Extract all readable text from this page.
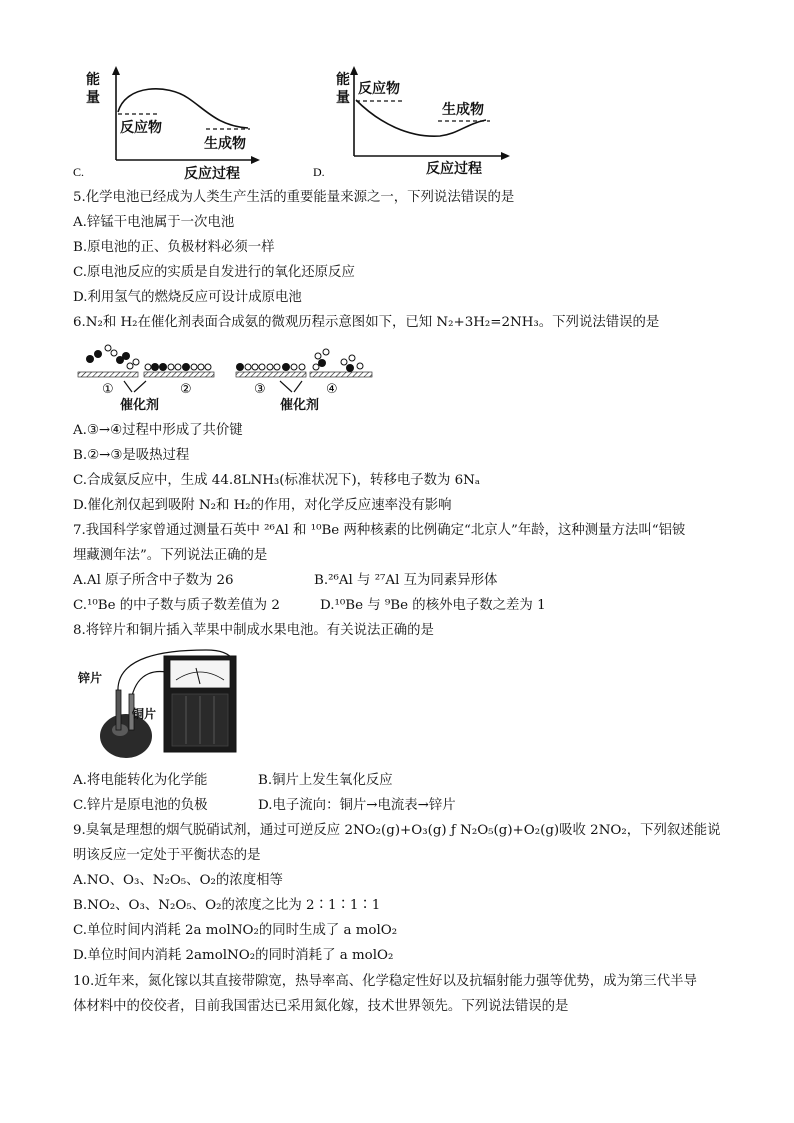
C.
能
量
反应物
生成物
反应过程	D.
能
量
反应物
生成物
反应过程
5.化学电池已经成为人类生产生活的重要能量来源之一，下列说法错误的是
A.锌锰干电池属于一次电池
B.原电池的正、负极材料必须一样
C.原电池反应的实质是自发进行的氧化还原反应
D.利用氢气的燃烧反应可设计成原电池
6.N₂和 H₂在催化剂表面合成氨的微观历程示意图如下，已知 N₂+3H₂=2NH₃。下列说法错误的是
①	②	③	④
催化剂	催化剂
A.③→④过程中形成了共价键
B.②→③是吸热过程
C.合成氨反应中，生成 44.8LNH₃(标准状况下)，转移电子数为 6Nₐ
D.催化剂仅起到吸附 N₂和 H₂的作用，对化学反应速率没有影响
7.我国科学家曾通过测量石英中 ²⁶Al 和 ¹⁰Be 两种核素的比例确定“北京人”年龄，这种测量方法叫“铝铍
埋藏测年法”。下列说法正确的是
A.Al 原子所含中子数为 26	B.²⁶Al 与 ²⁷Al 互为同素异形体
C.¹⁰Be 的中子数与质子数差值为 2	D.¹⁰Be 与 ⁹Be 的核外电子数之差为 1
8.将锌片和铜片插入苹果中制成水果电池。有关说法正确的是
锌片
铜片
A.将电能转化为化学能	B.铜片上发生氧化反应
C.锌片是原电池的负极	D.电子流向：铜片→电流表→锌片
9.臭氧是理想的烟气脱硝试剂，通过可逆反应 2NO₂(g)+O₃(g) ƒ N₂O₅(g)+O₂(g)吸收 2NO₂，下列叙述能说
明该反应一定处于平衡状态的是
A.NO、O₃、N₂O₅、O₂的浓度相等
B.NO₂、O₃、N₂O₅、O₂的浓度之比为 2∶1∶1∶1
C.单位时间内消耗 2a molNO₂的同时生成了 a molO₂
D.单位时间内消耗 2amolNO₂的同时消耗了 a molO₂
10.近年来，氮化镓以其直接带隙宽，热导率高、化学稳定性好以及抗辐射能力强等优势，成为第三代半导
体材料中的佼佼者，目前我国雷达已采用氮化嫁，技术世界领先。下列说法错误的是
